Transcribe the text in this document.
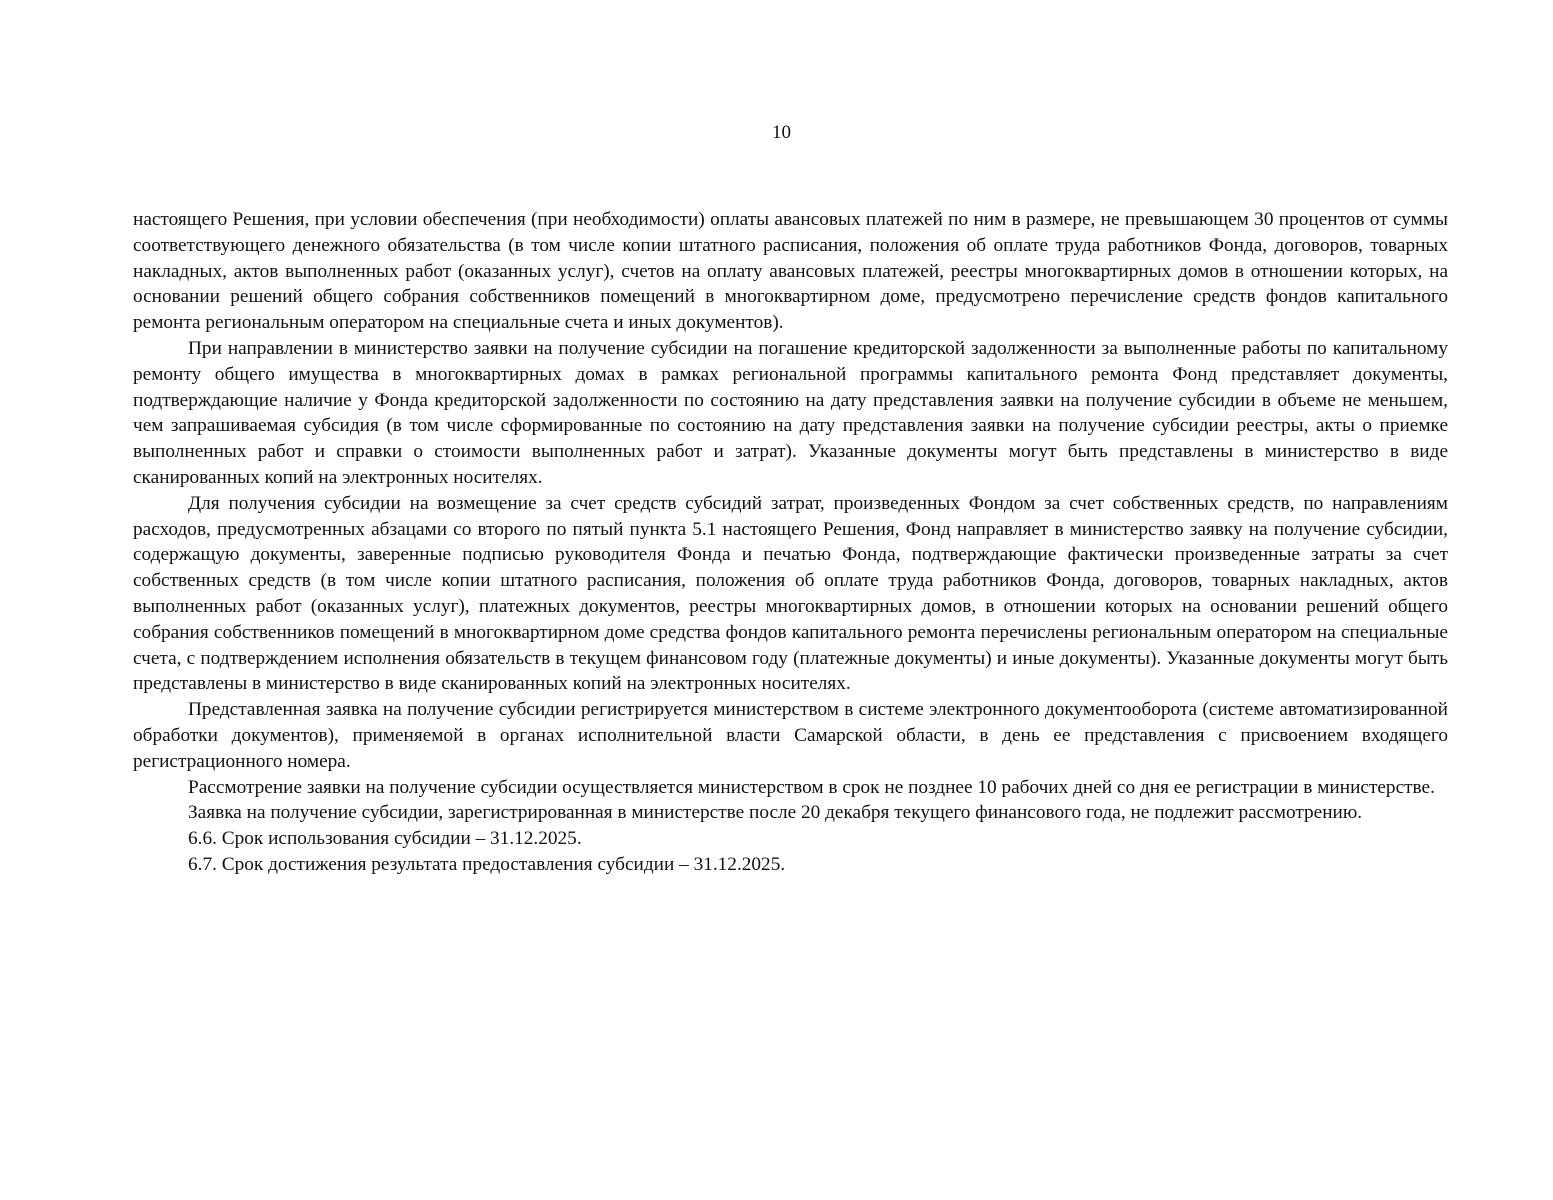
10

настоящего Решения, при условии обеспечения (при необходимости) оплаты авансовых платежей по ним в размере, не превышающем 30 процентов от суммы соответствующего денежного обязательства (в том числе копии штатного расписания, положения об оплате труда работников Фонда, договоров, товарных накладных, актов выполненных работ (оказанных услуг), счетов на оплату авансовых платежей, реестры многоквартирных домов в отношении которых, на основании решений общего собрания собственников помещений в многоквартирном доме, предусмотрено перечисление средств фондов капитального ремонта региональным оператором на специальные счета и иных документов).

При направлении в министерство заявки на получение субсидии на погашение кредиторской задолженности за выполненные работы по капитальному ремонту общего имущества в многоквартирных домах в рамках региональной программы капитального ремонта Фонд представляет документы, подтверждающие наличие у Фонда кредиторской задолженности по состоянию на дату представления заявки на получение субсидии в объеме не меньшем, чем запрашиваемая субсидия (в том числе сформированные по состоянию на дату представления заявки на получение субсидии реестры, акты о приемке выполненных работ и справки о стоимости выполненных работ и затрат). Указанные документы могут быть представлены в министерство в виде сканированных копий на электронных носителях.

Для получения субсидии на возмещение за счет средств субсидий затрат, произведенных Фондом за счет собственных средств, по направлениям расходов, предусмотренных абзацами со второго по пятый пункта 5.1 настоящего Решения, Фонд направляет в министерство заявку на получение субсидии, содержащую документы, заверенные подписью руководителя Фонда и печатью Фонда, подтверждающие фактически произведенные затраты за счет собственных средств (в том числе копии штатного расписания, положения об оплате труда работников Фонда, договоров, товарных накладных, актов выполненных работ (оказанных услуг), платежных документов, реестры многоквартирных домов, в отношении которых на основании решений общего собрания собственников помещений в многоквартирном доме средства фондов капитального ремонта перечислены региональным оператором на специальные счета, с подтверждением исполнения обязательств в текущем финансовом году (платежные документы) и иные документы). Указанные документы могут быть представлены в министерство в виде сканированных копий на электронных носителях.

Представленная заявка на получение субсидии регистрируется министерством в системе электронного документооборота (системе автоматизированной обработки документов), применяемой в органах исполнительной власти Самарской области, в день ее представления с присвоением входящего регистрационного номера.

Рассмотрение заявки на получение субсидии осуществляется министерством в срок не позднее 10 рабочих дней со дня ее регистрации в министерстве.

Заявка на получение субсидии, зарегистрированная в министерстве после 20 декабря текущего финансового года, не подлежит рассмотрению.

6.6. Срок использования субсидии – 31.12.2025.

6.7. Срок достижения результата предоставления субсидии – 31.12.2025.
